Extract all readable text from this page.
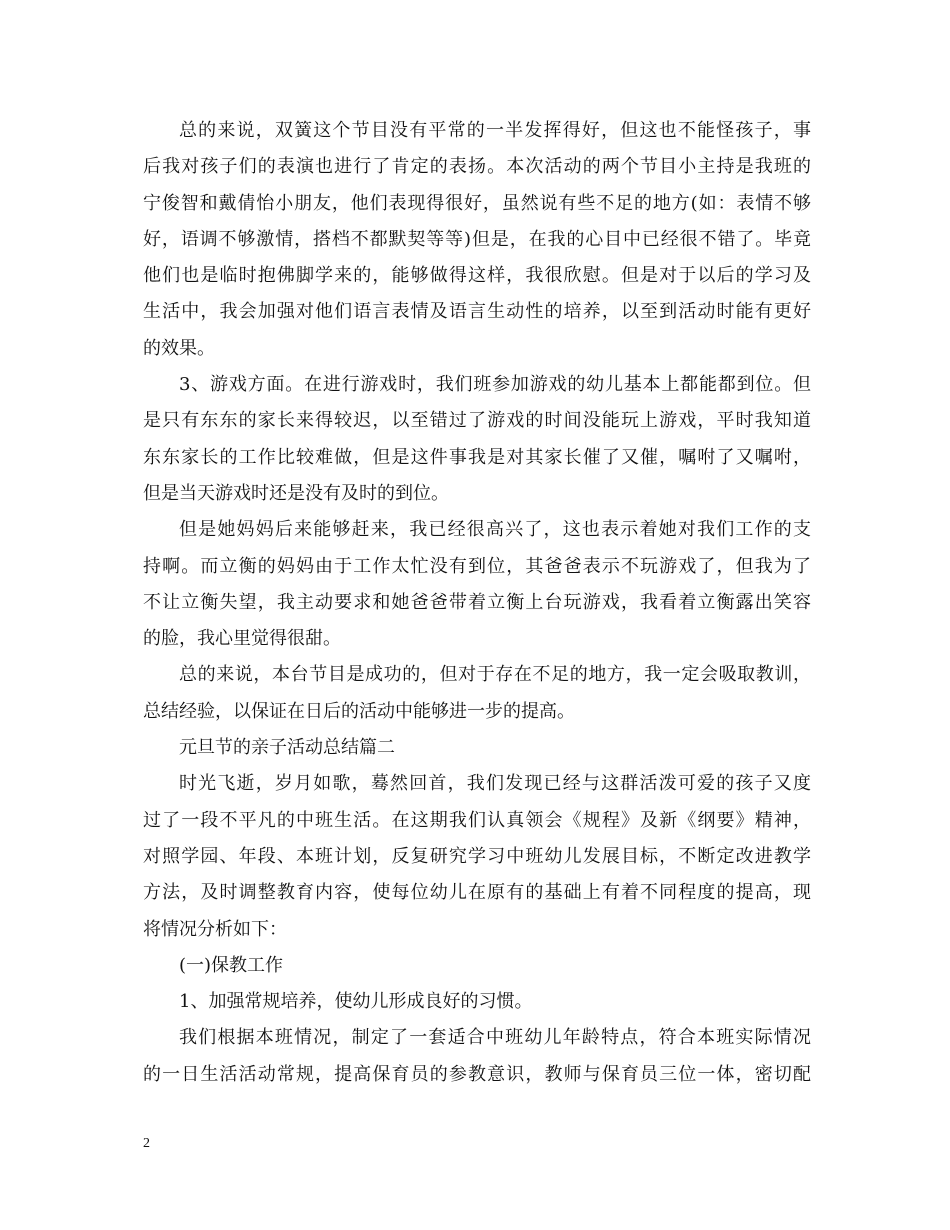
总的来说，双簧这个节目没有平常的一半发挥得好，但这也不能怪孩子，事
后我对孩子们的表演也进行了肯定的表扬。本次活动的两个节目小主持是我班的
宁俊智和戴倩怡小朋友，他们表现得很好，虽然说有些不足的地方(如：表情不够
好，语调不够激情，搭档不都默契等等)但是，在我的心目中已经很不错了。毕竟
他们也是临时抱佛脚学来的，能够做得这样，我很欣慰。但是对于以后的学习及
生活中，我会加强对他们语言表情及语言生动性的培养，以至到活动时能有更好
的效果。
3、游戏方面。在进行游戏时，我们班参加游戏的幼儿基本上都能都到位。但
是只有东东的家长来得较迟，以至错过了游戏的时间没能玩上游戏，平时我知道
东东家长的工作比较难做，但是这件事我是对其家长催了又催，嘱咐了又嘱咐，
但是当天游戏时还是没有及时的到位。
但是她妈妈后来能够赶来，我已经很高兴了，这也表示着她对我们工作的支
持啊。而立衡的妈妈由于工作太忙没有到位，其爸爸表示不玩游戏了，但我为了
不让立衡失望，我主动要求和她爸爸带着立衡上台玩游戏，我看着立衡露出笑容
的脸，我心里觉得很甜。
总的来说，本台节目是成功的，但对于存在不足的地方，我一定会吸取教训，
总结经验，以保证在日后的活动中能够进一步的提高。
元旦节的亲子活动总结篇二
时光飞逝，岁月如歌，蓦然回首，我们发现已经与这群活泼可爱的孩子又度
过了一段不平凡的中班生活。在这期我们认真领会《规程》及新《纲要》精神，
对照学园、年段、本班计划，反复研究学习中班幼儿发展目标，不断定改进教学
方法，及时调整教育内容，使每位幼儿在原有的基础上有着不同程度的提高，现
将情况分析如下：
(一)保教工作
1、加强常规培养，使幼儿形成良好的习惯。
我们根据本班情况，制定了一套适合中班幼儿年龄特点，符合本班实际情况
的一日生活活动常规，提高保育员的参教意识，教师与保育员三位一体，密切配
2
